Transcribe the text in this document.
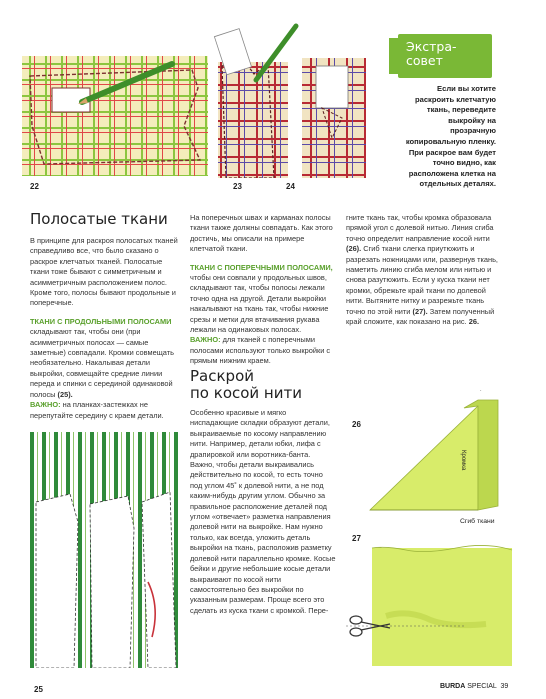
22	23	24
Экстра-
совет
Если вы хотите раскроить клетчатую ткань, переведите выкройку на прозрачную копировальную пленку. При раскрое вам будет точно видно, как расположена клетка на отдельных деталях.
Полосатые ткани

В принципе для раскроя полосатых тканей справедливо все, что было сказано о раскрое клетчатых тканей. Полосатые ткани тоже бывают с симметричным и асимметричным расположением полос. Кроме того, полосы бывают продольные и поперечные.

ТКАНИ С ПРОДОЛЬНЫМИ ПОЛОСАМИ складывают так, чтобы они (при асимметричных полосах — самые заметные) совпадали. Кромки совмещать необязательно. Накалывая детали выкройки, совмещайте средние линии переда и спинки с серединой одинаковой полосы (25).
ВАЖНО: на планках-застежках не перепутайте середину с краем детали.

25

На поперечных швах и карманах полосы ткани также должны совпадать. Как этого достичь, мы описали на примере клетчатой ткани.

ТКАНИ С ПОПЕРЕЧНЫМИ ПОЛОСАМИ, чтобы они совпали у продольных швов, складывают так, чтобы полосы лежали точно одна на другой. Детали выкройки накалывают на ткань так, чтобы нижние срезы и метки для втачивания рукава лежали на одинаковых полосах.
ВАЖНО: для тканей с поперечными полосами используют только выкройки с прямым нижним краем.

Раскрой
по косой нити

Особенно красивые и мягко ниспадающие складки образуют детали, выкраиваемые по косому направлению нити. Например, детали юбки, лифа с драпировкой или воротника-банта. Важно, чтобы детали выкраивались действительно по косой, то есть точно под углом 45˚ к долевой нити, а не под каким-нибудь другим углом. Обычно за правильное расположение деталей под углом «отвечает» разметка направления долевой нити на выкройке. Нам нужно только, как всегда, уложить деталь выкройки на ткань, расположив разметку долевой нити параллельно кромке. Косые бейки и другие небольшие косые детали выкраивают по косой нити самостоятельно без выкройки по указанным размерам. Проще всего это сделать из куска ткани с кромкой. Пере-

гните ткань так, чтобы кромка образовала прямой угол с долевой нитью. Линия сгиба точно определит направление косой нити (26). Сгиб ткани слегка приутюжить и разрезать ножницами или, развернув ткань, наметить линию сгиба мелом или нитью и снова разутюжить. Если у куска ткани нет кромки, обрежьте край ткани по долевой нити. Вытяните нитку и разрежьте ткань точно по этой нити (27). Затем полученный край сложите, как показано на рис. 26.

26
Кромка
Сгиб ткани
27
BURDA SPECIAL 39
